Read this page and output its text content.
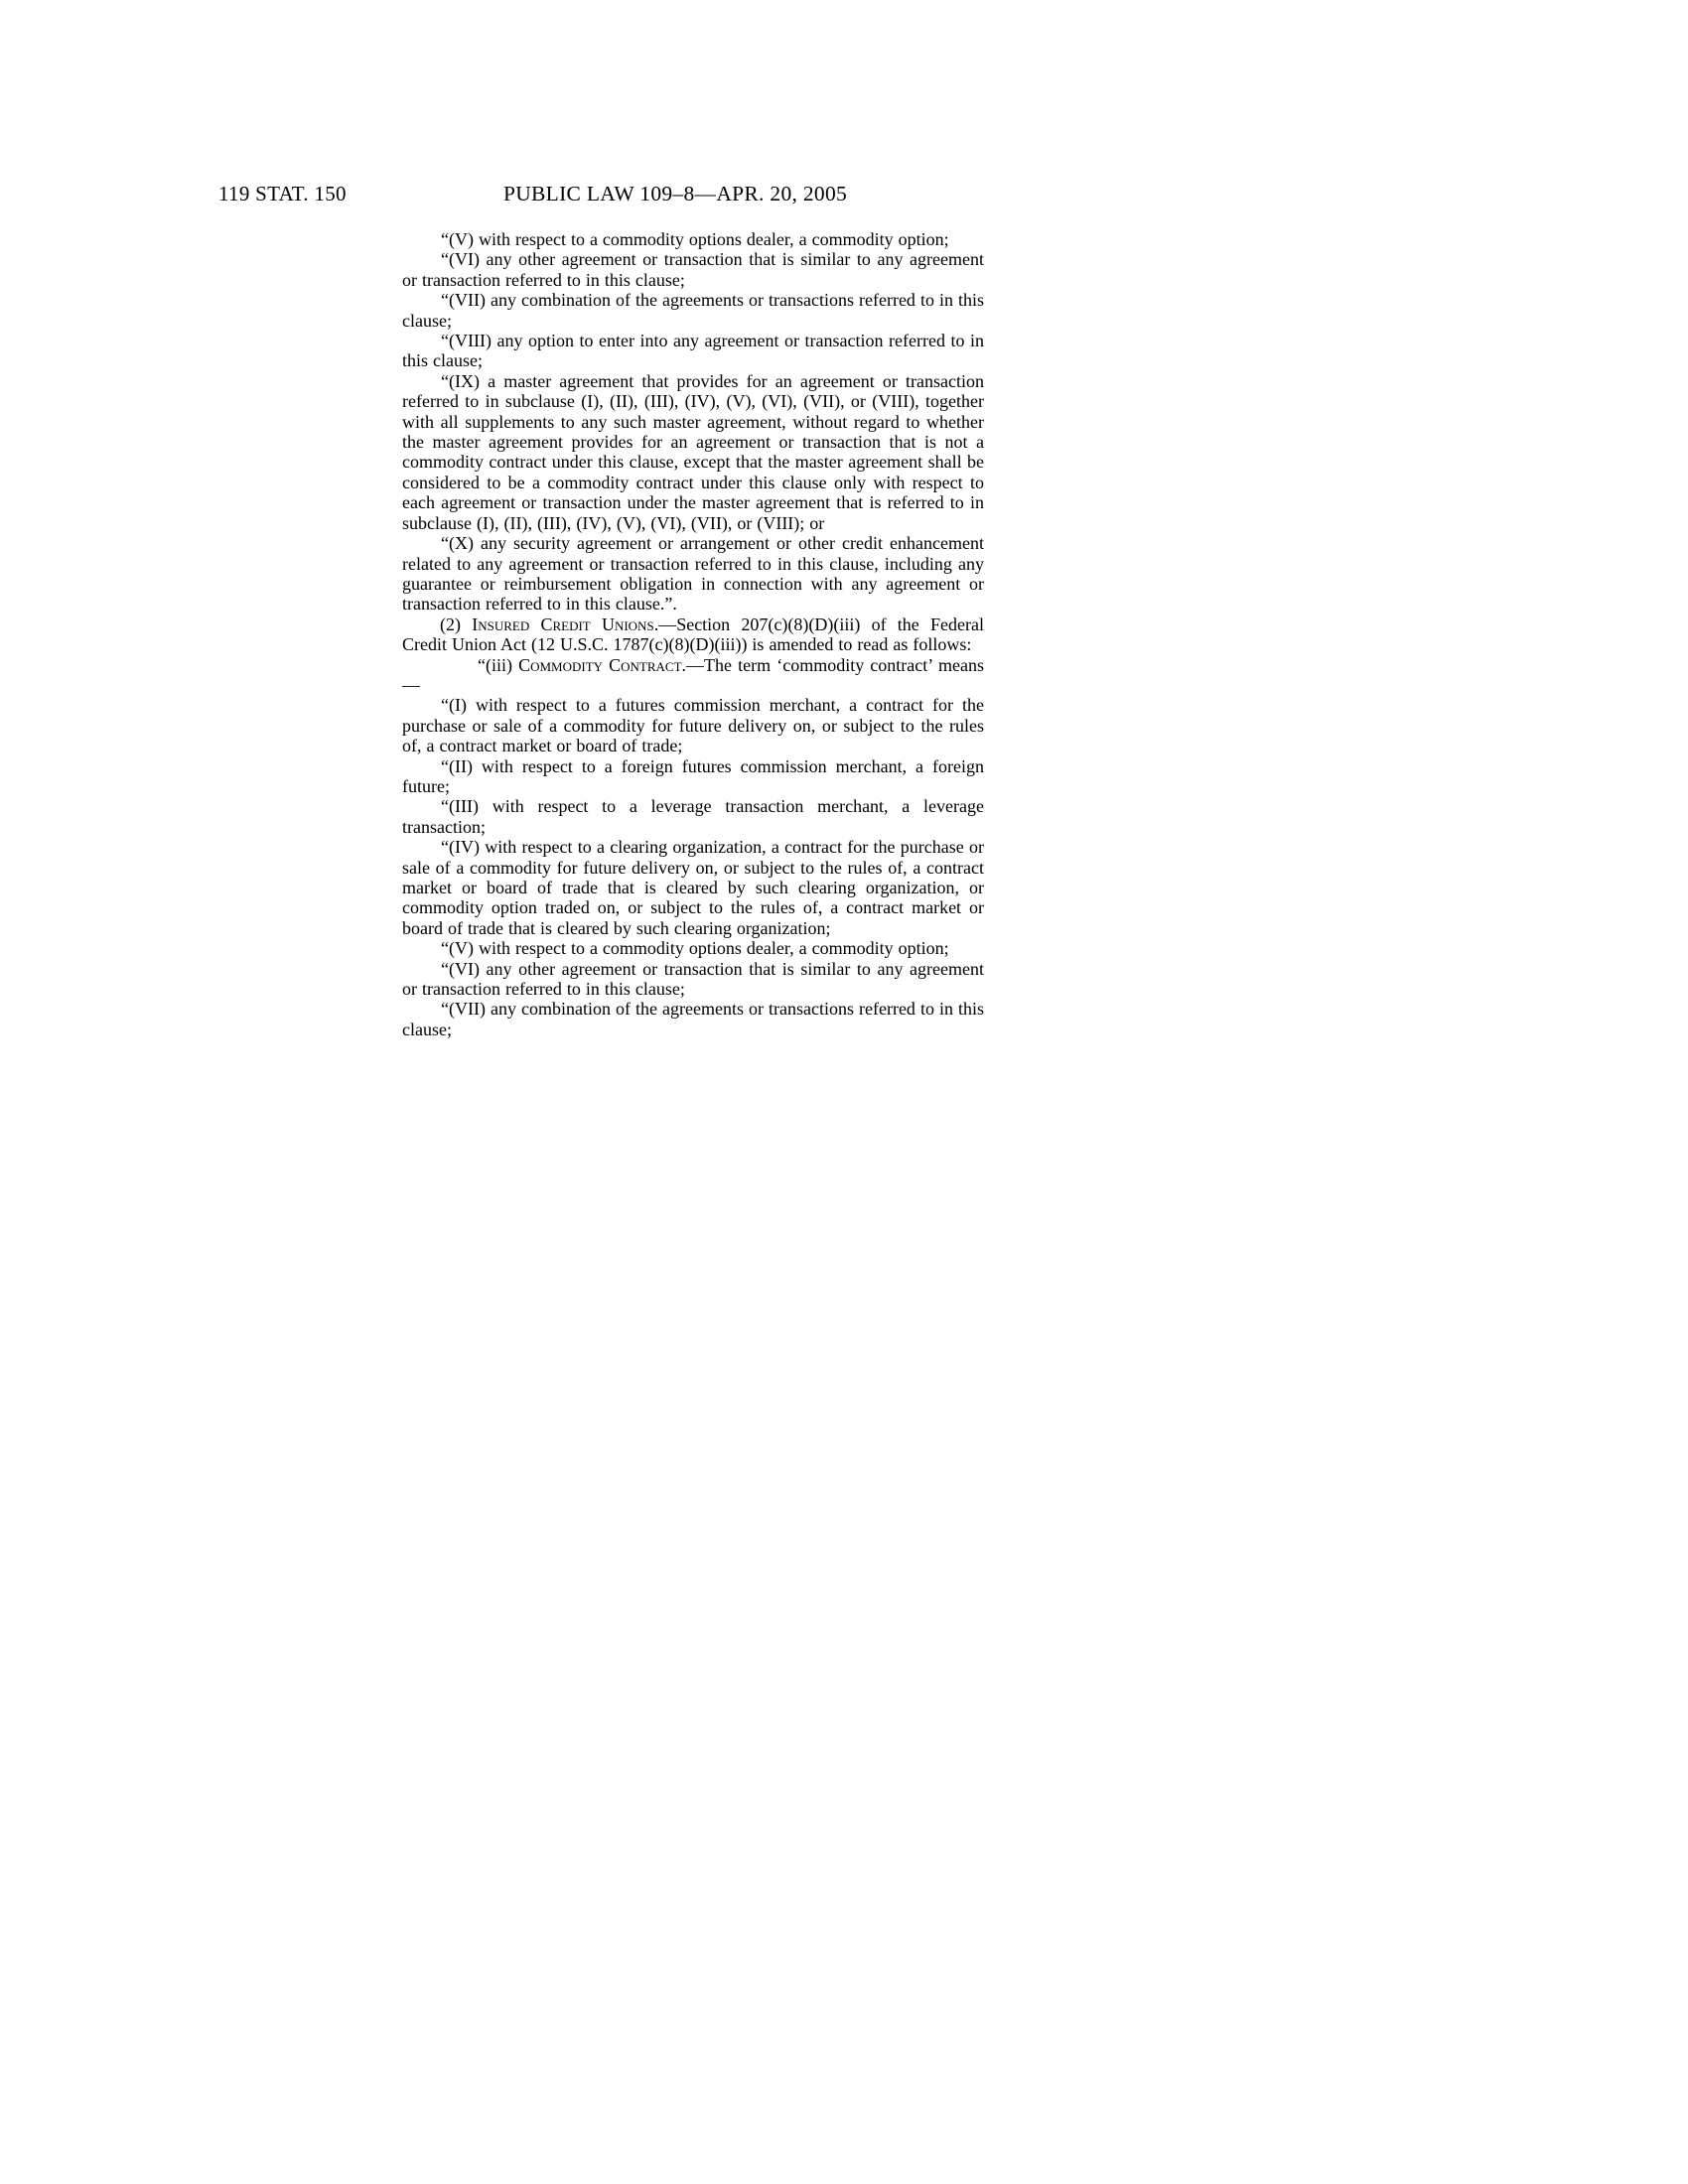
119 STAT. 150	PUBLIC LAW 109–8—APR. 20, 2005

“(V) with respect to a commodity options dealer, a commodity option;

“(VI) any other agreement or transaction that is similar to any agreement or transaction referred to in this clause;

“(VII) any combination of the agreements or transactions referred to in this clause;

“(VIII) any option to enter into any agreement or transaction referred to in this clause;

“(IX) a master agreement that provides for an agreement or transaction referred to in subclause (I), (II), (III), (IV), (V), (VI), (VII), or (VIII), together with all supplements to any such master agreement, without regard to whether the master agreement provides for an agreement or transaction that is not a commodity contract under this clause, except that the master agreement shall be considered to be a commodity contract under this clause only with respect to each agreement or transaction under the master agreement that is referred to in subclause (I), (II), (III), (IV), (V), (VI), (VII), or (VIII); or

“(X) any security agreement or arrangement or other credit enhancement related to any agreement or transaction referred to in this clause, including any guarantee or reimbursement obligation in connection with any agreement or transaction referred to in this clause.”.

(2) Insured Credit Unions.—Section 207(c)(8)(D)(iii) of the Federal Credit Union Act (12 U.S.C. 1787(c)(8)(D)(iii)) is amended to read as follows:

“(iii) Commodity Contract.—The term ‘commodity contract’ means—

“(I) with respect to a futures commission merchant, a contract for the purchase or sale of a commodity for future delivery on, or subject to the rules of, a contract market or board of trade;

“(II) with respect to a foreign futures commission merchant, a foreign future;

“(III) with respect to a leverage transaction merchant, a leverage transaction;

“(IV) with respect to a clearing organization, a contract for the purchase or sale of a commodity for future delivery on, or subject to the rules of, a contract market or board of trade that is cleared by such clearing organization, or commodity option traded on, or subject to the rules of, a contract market or board of trade that is cleared by such clearing organization;

“(V) with respect to a commodity options dealer, a commodity option;

“(VI) any other agreement or transaction that is similar to any agreement or transaction referred to in this clause;

“(VII) any combination of the agreements or transactions referred to in this clause;
